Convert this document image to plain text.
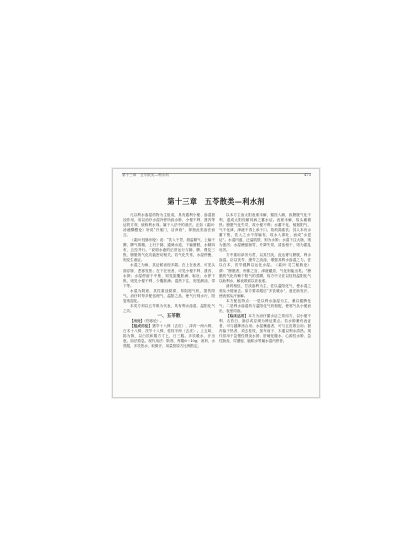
第十三章　五苓散类—利水剂	473
第十三章　五苓散类—利水剂

凡以利水渗湿药物为主组成，具有通利小便、渗湿泄浊作用，用以治疗水湿内停所致水肿、小便不利、泄泻等证的方剂，统称利水剂。属于八法中的消法。正如《素问·汤液醪醴论》所说“开鬼门，洁净府”，即指此类治法而言。

《素问·经脉别论》说：“饮入于胃，游溢精气，上输于脾，脾气散精，上归于肺，通调水道，下输膀胱，水精四布，五经并行。”说明水液的正常运行与肺、脾、肾及三焦、膀胱的气化功能密切相关。若气化失常，水湿停聚，则变生诸证。

水湿之为病，其证候表现多端。在上在表者，可见头面浮肿、恶寒发热；在下在里者，可见小便不利、泄泻、水肿；水湿停留于中焦，则见脘腹胀满、呕吐；水停下焦，则见小便不利、少腹胀满；湿热下注，则见淋浊、带下等。

水湿为阴邪，其性重浊黏滞，易阻遏气机，损伤阳气。治疗时每多配伍理气、温阳之品，使气行则水行，阳复则湿化。

本类方剂以五苓散为代表，具有利水渗湿、温阳化气之功。

一、五苓散

【出处】《伤寒论》。

【组成用法】猪苓十八铢（去皮）、泽泻一两六铢、白术十八铢、茯苓十八铢、桂枝半两（去皮）。上五味，捣为散，以白饮和服方寸匕，日三服。多饮暖水，汗出愈。如法将息。现代用法：散剂，每服6～10g；汤剂，水煎服，多饮热水，取微汗，用量按原方比例酌定。

以本方主治太阳表邪未解，循经入腑，致膀胱气化不利，遂成太阳经腑同病之蓄水证。表邪未解，故头痛微热；膀胱气化失司，故小便不利；水蓄不化，郁遏阳气，气不化津，津液不得上承于口，故烦渴欲饮；其人本有水蓄下焦，饮入之水不得输布，故水入即吐，而成“水逆证”。水湿内盛，泛溢肌肤，则为水肿；水湿下注大肠，则为泄泻；水湿稽留肠胃，升降失常，清浊相干，则为霍乱吐泻。

方中重用泽泻为君，以其甘淡，直达肾与膀胱，利水渗湿。臣以茯苓、猪苓之淡渗，增强其利水渗湿之力。佐以白术、茯苓健脾以运化水湿。《素问·灵兰秘典论》谓：“膀胱者，州都之官，津液藏焉，气化则能出矣。”膀胱的气化有赖于阳气的蒸腾，故方中又佐以桂枝温阳化气以助利水，解表散邪以祛表邪。

诸药相伍，甘淡渗利为主，佐以温阳化气，使水湿之邪从小便而去。原方要求服后“多饮暖水”，意在助发汗，使表邪从汗而解。

本方配伍特点：一是以利水渗湿为主，兼以健脾化气；二是利水渗湿药与温阳化气药相配，使邪气从小便而出，表里同治。

【临床运用】本方为治疗蓄水证之常用方，以小便不利、舌苔白、脉浮或浮缓为辨证要点。若水肿兼有表证者，可与越婢汤合用；水湿壅盛者，可与五皮散合用；泄泻偏于热者，须去桂枝，加车前子、木通以利水清热。现代常用于急慢性肾炎水肿、肝硬化腹水、心源性水肿、急性肠炎、尿潴留、脑积水等属水湿内停者。
